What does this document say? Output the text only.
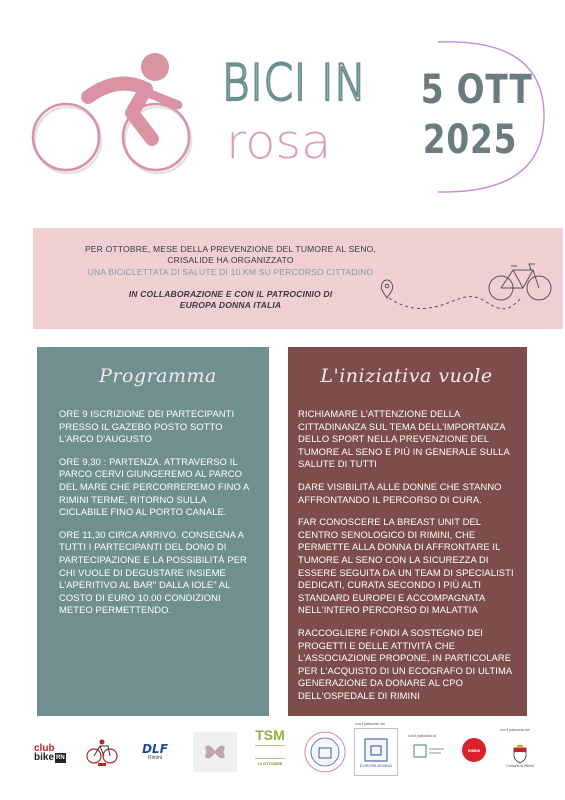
BICI IN
rosa
5 OTT
2025
PER OTTOBRE, MESE DELLA PREVENZIONE DEL TUMORE AL SENO,
CRISALIDE HA ORGANIZZATO
UNA BICICLETTATA DI SALUTE DI 10 KM SU PERCORSO CITTADINO
IN COLLABORAZIONE E CON IL PATROCINIO DI
EUROPA DONNA ITALIA
Programma

ORE 9 ISCRIZIONE DEI PARTECIPANTI PRESSO IL GAZEBO POSTO SOTTO L'ARCO D'AUGUSTO

ORE 9,30 : PARTENZA. ATTRAVERSO IL PARCO CERVI GIUNGEREMO AL PARCO DEL MARE CHE PERCORREREMO FINO A RIMINI TERME, RITORNO SULLA CICLABILE FINO AL PORTO CANALE.

ORE 11,30 CIRCA ARRIVO. CONSEGNA A TUTTI I PARTECIPANTI DEL DONO DI PARTECIPAZIONE E LA POSSIBILITÀ PER CHI VUOLE DI DEGUSTARE INSIEME L'APERITIVO AL BAR" DALLA IOLE" AL COSTO DI EURO 10.00 CONDIZIONI METEO PERMETTENDO.

L'iniziativa vuole

RICHIAMARE L'ATTENZIONE DELLA CITTADINANZA SUL TEMA DELL'IMPORTANZA DELLO SPORT NELLA PREVENZIONE DEL TUMORE AL SENO E PIÙ IN GENERALE SULLA SALUTE DI TUTTI

DARE VISIBILITÀ ALLE DONNE CHE STANNO AFFRONTANDO IL PERCORSO DI CURA.

FAR CONOSCERE LA BREAST UNIT DEL CENTRO SENOLOGICO DI RIMINI, CHE PERMETTE ALLA DONNA DI AFFRONTARE IL TUMORE AL SENO CON LA SICUREZZA DI ESSERE SEGUITA DA UN TEAM DI SPECIALISTI DEDICATI, CURATA SECONDO I PIÙ ALTI STANDARD EUROPEI E ACCOMPAGNATA NELL'INTERO PERCORSO DI MALATTIA

RACCOGLIERE FONDI A SOSTEGNO DEI PROGETTI E DELLE ATTIVITÀ CHE L'ASSOCIAZIONE PROPONE, IN PARTICOLARE PER L'ACQUISTO DI UN ECOGRAFO DI ULTIMA GENERAZIONE DA DONARE AL CPO DELL'OSPEDALE DI RIMINI

club
bike RN
DLF
Rimini
TSM
12 OTTOBRE
con il patrocinio del
EUROPA DONNA
con il patrocinio di
RIMINI
con il patrocinio del
Comune di Rimini
